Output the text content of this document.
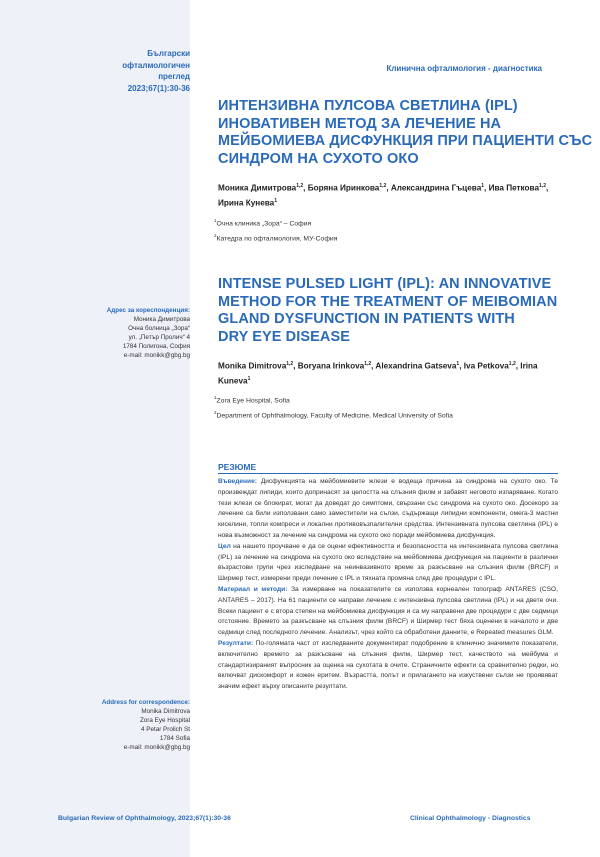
Български
офталмологичен
преглед
2023;67(1):30-36
Клинична офталмология - диагностика
ИНТЕНЗИВНА ПУЛСОВА СВЕТЛИНА (IPL)
ИНОВАТИВЕН МЕТОД ЗА ЛЕЧЕНИЕ НА
МЕЙБОМИЕВА ДИСФУНКЦИЯ ПРИ ПАЦИЕНТИ СЪС
СИНДРОМ НА СУХОТО ОКО
Моника Димитрова$^{1,2}$, Боряна Иринкова$^{1,2}$, Александрина Гъцева$^1$, Ива Петкова$^{1,2}$, Ирина Кунева$^1$
$^1$Очна клиника „Зора“ – София
$^2$Катедра по офталмология, МУ-София
INTENSE PULSED LIGHT (IPL): AN INNOVATIVE
METHOD FOR THE TREATMENT OF MEIBOMIAN
GLAND DYSFUNCTION IN PATIENTS WITH
DRY EYE DISEASE
Monika Dimitrova$^{1,2}$, Boryana Irinkova$^{1,2}$, Alexandrina Gatseva$^1$, Iva Petkova$^{1,2}$, Irina Kuneva$^1$
$^1$Zora Eye Hospital, Sofia
$^2$Department of Ophthalmology, Faculty of Medicine, Medical University of Sofia
Адрес за кореспонденция:
Моника Димитрова
Очна болница „Зора“
ул. „Петър Пролич“ 4
1784 Полигона, София
e-mail: monikk@gbg.bg
Address for correspondence:
Monika Dimitrova
Zora Eye Hospital
4 Petar Prolich St
1784 Sofia
e-mail: monikk@gbg.bg
РЕЗЮМЕ

Въведение: Дисфункцията на мейбомиевите жлези е водеща причина за синдрома на сухото око. Те произвеждат липиди, които допринасят за целостта на слъзния филм и забавят неговото изпаряване. Когато тези жлези се блокират, могат да доведат до симптоми, свързани със синдрома на сухото око. Досекоро за лечение са били използвани само заместители на сълзи, съдържащи липидни компоненти, омега-3 мастни киселини, топли компреси и локални противовъзпалителни средства. Интензивната пулсова светлина (IPL) е нова възможност за лечение на синдрома на сухото око поради мейбомиева дисфункция.

Цел на нашето проучване е да се оцени ефективността и безопасността на интензивната пулсова светлина (IPL) за лечение на синдрома на сухото око вследствие на мейбомиева дисфункция на пациенти в различни възрастови групи чрез изследване на неинвазивното време за разкъсване на слъзния филм (BRCF) и Ширмер тест, измерени преди лечение с IPL и тяхната промяна след две процедури с IPL.

Материал и методи: За измерване на показателите се използва корнеален топограф ANTARES (CSO, ANTARES – 2017). На 61 пациенти се направи лечение с интензивна пулсова светлина (IPL) и на двете очи. Всеки пациент е с втора степен на мейбомиева дисфункция и са му направени две процедури с две седмици отстояние. Времето за разкъсване на слъзния филм (BRCF) и Ширмер тест бяха оценени в началото и две седмици след последното лечение. Анализът, чрез който са обработени данните, е Repeated measures GLM.

Резултати: По-голямата част от изследваните документират подобрение в клинично значимите показатели, включително времето за разкъсване на слъзния филм, Ширмер тест, качеството на мейбума и стандартизираният въпросник за оценка на сухотата в очите. Страничните ефекти са сравнително редки, но включват дискомфорт и кожен еритем. Възрастта, полът и прилагането на изкуствени сълзи не проявяват значим ефект върху описаните резултати.

Bulgarian Review of Ophthalmology, 2023;67(1):30-36	Clinical Ophthalmology - Diagnostics
